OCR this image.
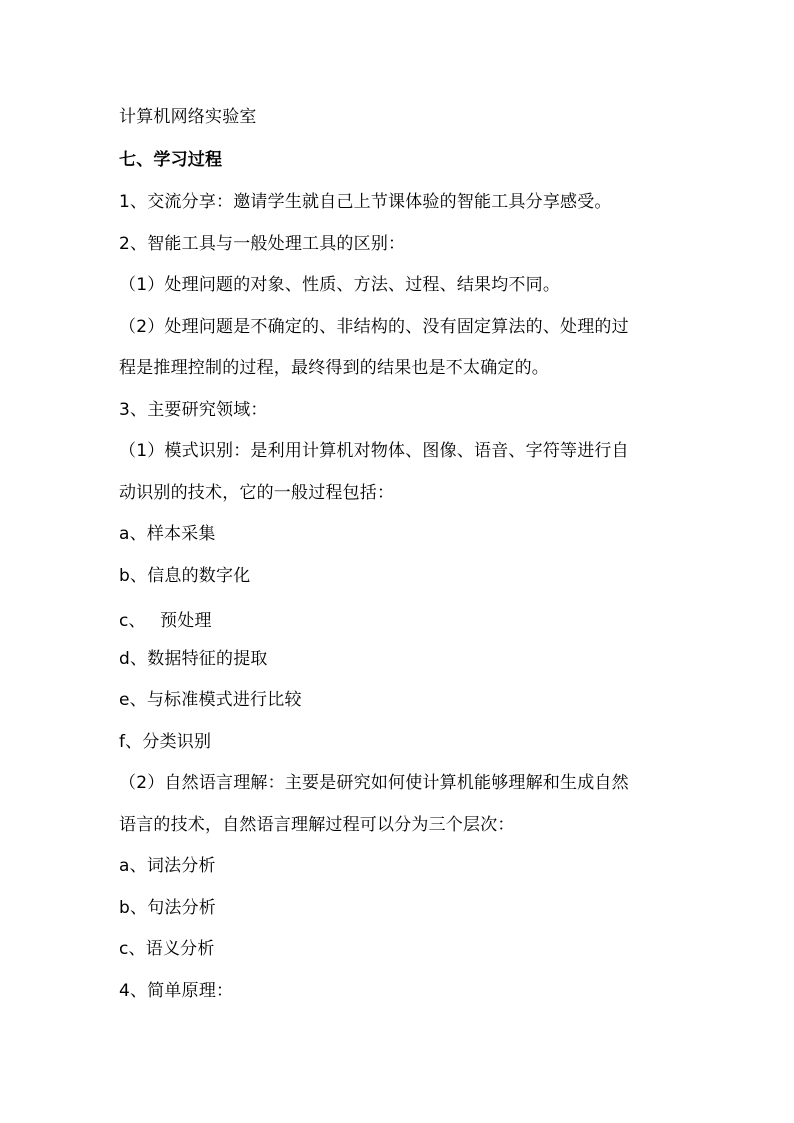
计算机网络实验室
七、学习过程
1、交流分享：邀请学生就自己上节课体验的智能工具分享感受。
2、智能工具与一般处理工具的区别：
（1）处理问题的对象、性质、方法、过程、结果均不同。
（2）处理问题是不确定的、非结构的、没有固定算法的、处理的过
程是推理控制的过程，最终得到的结果也是不太确定的。
3、主要研究领域：
（1）模式识别：是利用计算机对物体、图像、语音、字符等进行自
动识别的技术，它的一般过程包括：
a、样本采集
b、信息的数字化
c、　 预处理
d、数据特征的提取
e、与标准模式进行比较
f、分类识别
（2）自然语言理解：主要是研究如何使计算机能够理解和生成自然
语言的技术，自然语言理解过程可以分为三个层次：
a、词法分析
b、句法分析
c、语义分析
4、简单原理：
